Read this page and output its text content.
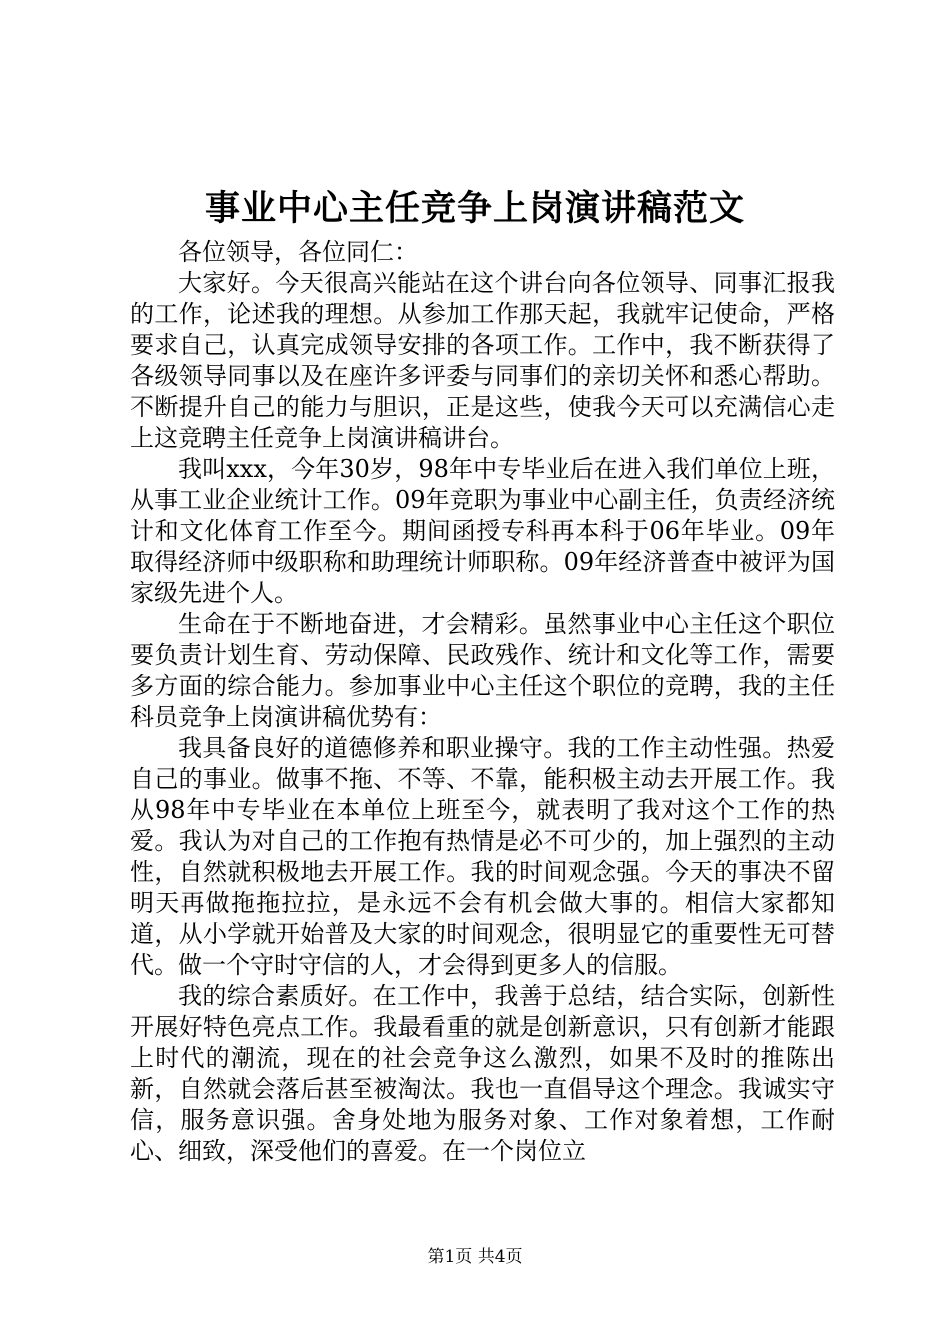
事业中心主任竞争上岗演讲稿范文

各位领导，各位同仁：

大家好。今天很高兴能站在这个讲台向各位领导、同事汇报我的工作，论述我的理想。从参加工作那天起，我就牢记使命，严格要求自己，认真完成领导安排的各项工作。工作中，我不断获得了各级领导同事以及在座许多评委与同事们的亲切关怀和悉心帮助。不断提升自己的能力与胆识，正是这些，使我今天可以充满信心走上这竞聘主任竞争上岗演讲稿讲台。

我叫xxx，今年30岁，98年中专毕业后在进入我们单位上班，从事工业企业统计工作。09年竞职为事业中心副主任，负责经济统计和文化体育工作至今。期间函授专科再本科于06年毕业。09年取得经济师中级职称和助理统计师职称。09年经济普查中被评为国家级先进个人。

生命在于不断地奋进，才会精彩。虽然事业中心主任这个职位要负责计划生育、劳动保障、民政残作、统计和文化等工作，需要多方面的综合能力。参加事业中心主任这个职位的竞聘，我的主任科员竞争上岗演讲稿优势有：

我具备良好的道德修养和职业操守。我的工作主动性强。热爱自己的事业。做事不拖、不等、不靠，能积极主动去开展工作。我从98年中专毕业在本单位上班至今，就表明了我对这个工作的热爱。我认为对自己的工作抱有热情是必不可少的，加上强烈的主动性，自然就积极地去开展工作。我的时间观念强。今天的事决不留明天再做拖拖拉拉，是永远不会有机会做大事的。相信大家都知道，从小学就开始普及大家的时间观念，很明显它的重要性无可替代。做一个守时守信的人，才会得到更多人的信服。

我的综合素质好。在工作中，我善于总结，结合实际，创新性开展好特色亮点工作。我最看重的就是创新意识，只有创新才能跟上时代的潮流，现在的社会竞争这么激烈，如果不及时的推陈出新，自然就会落后甚至被淘汰。我也一直倡导这个理念。我诚实守信，服务意识强。舍身处地为服务对象、工作对象着想，工作耐心、细致，深受他们的喜爱。在一个岗位立

第1页 共4页
